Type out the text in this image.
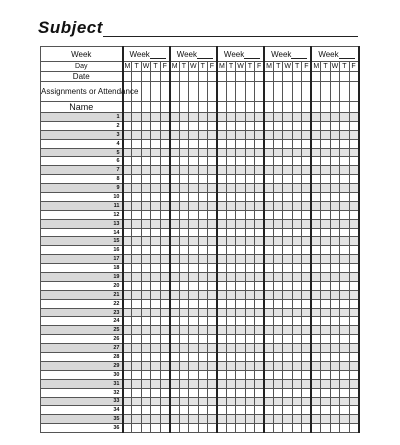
Subject
Week	Week					Week					Week					Week					Week				
Day	M	T	W	T	F	M	T	W	T	F	M	T	W	T	F	M	T	W	T	F	M	T	W	T	F
Date																									
Assignments or Attendance																									
Name																									
1																									
2																									
3																									
4																									
5																									
6																									
7																									
8																									
9																									
10																									
11																									
12																									
13																									
14																									
15																									
16																									
17																									
18																									
19																									
20																									
21																									
22																									
23																									
24																									
25																									
26																									
27																									
28																									
29																									
30																									
31																									
32																									
33																									
34																									
35																									
36																									
